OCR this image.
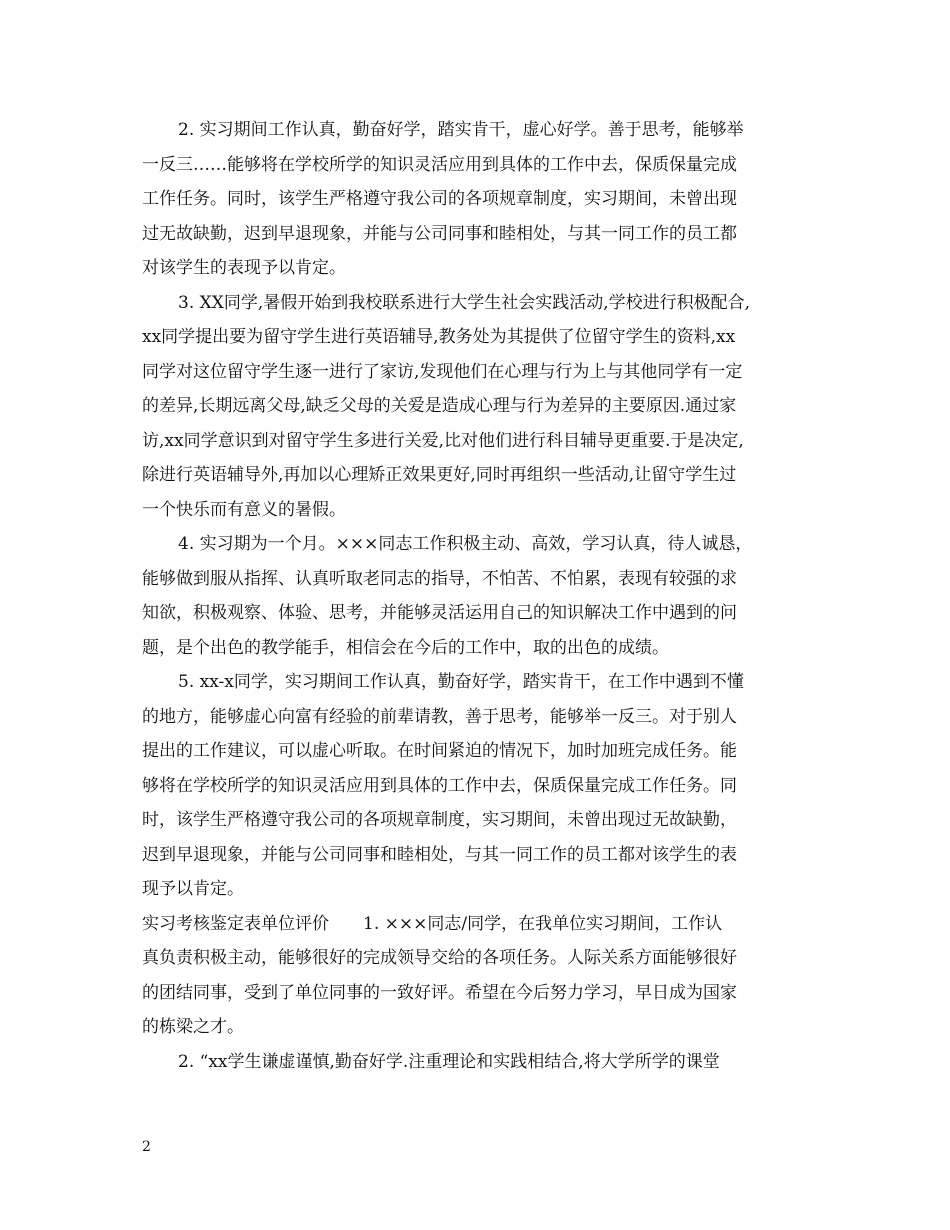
2. 实习期间工作认真，勤奋好学，踏实肯干，虚心好学。善于思考，能够举
一反三……能够将在学校所学的知识灵活应用到具体的工作中去，保质保量完成
工作任务。同时，该学生严格遵守我公司的各项规章制度，实习期间，未曾出现
过无故缺勤，迟到早退现象，并能与公司同事和睦相处，与其一同工作的员工都
对该学生的表现予以肯定。
3. XX同学,暑假开始到我校联系进行大学生社会实践活动,学校进行积极配合,
xx同学提出要为留守学生进行英语辅导,教务处为其提供了位留守学生的资料,xx
同学对这位留守学生逐一进行了家访,发现他们在心理与行为上与其他同学有一定
的差异,长期远离父母,缺乏父母的关爱是造成心理与行为差异的主要原因.通过家
访,xx同学意识到对留守学生多进行关爱,比对他们进行科目辅导更重要.于是决定,
除进行英语辅导外,再加以心理矫正效果更好,同时再组织一些活动,让留守学生过
一个快乐而有意义的暑假。
4. 实习期为一个月。×××同志工作积极主动、高效，学习认真，待人诚恳，
能够做到服从指挥、认真听取老同志的指导，不怕苦、不怕累，表现有较强的求
知欲，积极观察、体验、思考，并能够灵活运用自己的知识解决工作中遇到的问
题，是个出色的教学能手，相信会在今后的工作中，取的出色的成绩。
5. xx-x同学，实习期间工作认真，勤奋好学，踏实肯干，在工作中遇到不懂
的地方，能够虚心向富有经验的前辈请教，善于思考，能够举一反三。对于别人
提出的工作建议，可以虚心听取。在时间紧迫的情况下，加时加班完成任务。能
够将在学校所学的知识灵活应用到具体的工作中去，保质保量完成工作任务。同
时，该学生严格遵守我公司的各项规章制度，实习期间，未曾出现过无故缺勤，
迟到早退现象，并能与公司同事和睦相处，与其一同工作的员工都对该学生的表
现予以肯定。
实习考核鉴定表单位评价　　1. ×××同志/同学，在我单位实习期间，工作认
真负责积极主动，能够很好的完成领导交给的各项任务。人际关系方面能够很好
的团结同事，受到了单位同事的一致好评。希望在今后努力学习，早日成为国家
的栋梁之才。
2. “xx学生谦虚谨慎,勤奋好学.注重理论和实践相结合,将大学所学的课堂
2
